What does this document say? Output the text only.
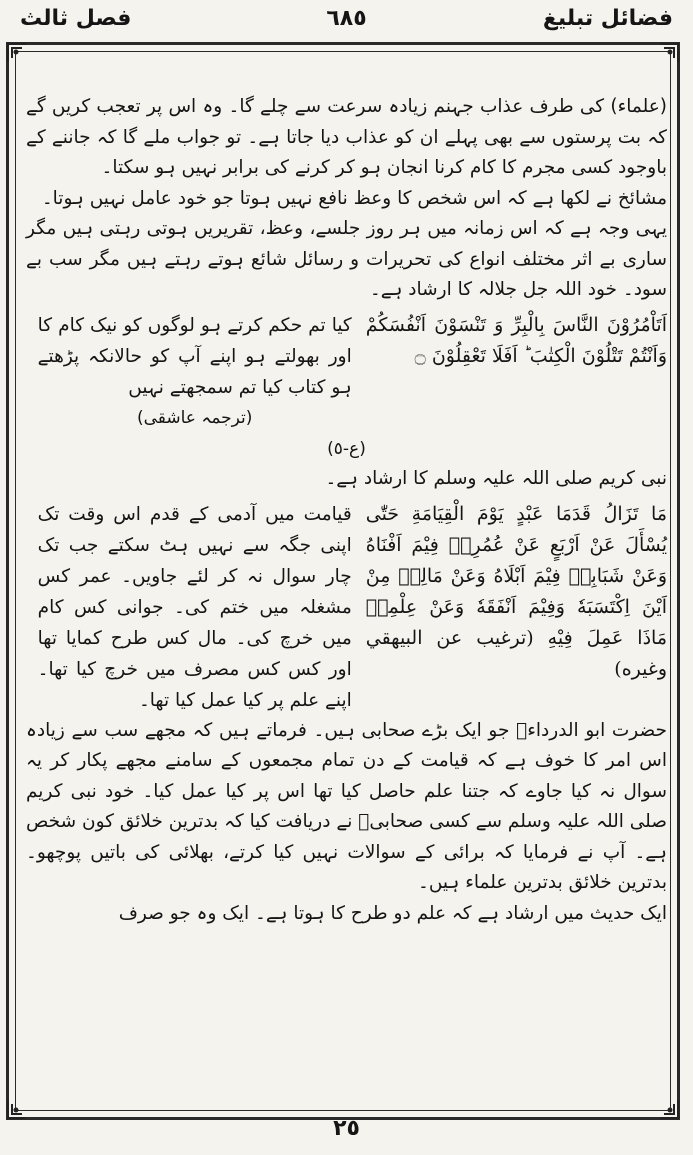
فضائل تبلیغ
٦٨٥
فصل ثالث

(علماء) کی طرف عذاب جہنم زیادہ سرعت سے چلے گا۔ وہ اس پر تعجب کریں گے کہ بت پرستوں سے بھی پہلے ان کو عذاب دیا جاتا ہے۔ تو جواب ملے گا کہ جاننے کے باوجود کسی مجرم کا کام کرنا انجان ہو کر کرنے کی برابر نہیں ہو سکتا۔

مشائخ نے لکھا ہے کہ اس شخص کا وعظ نافع نہیں ہوتا جو خود عامل نہیں ہوتا۔

یہی وجہ ہے کہ اس زمانہ میں ہر روز جلسے، وعظ، تقریریں ہوتی رہتی ہیں مگر ساری بے اثر مختلف انواع کی تحریرات و رسائل شائع ہوتے رہتے ہیں مگر سب بے سود۔ خود اللہ جل جلالہ کا ارشاد ہے۔

اَتَاْمُرُوْنَ النَّاسَ بِالْبِرِّ وَ تَنْسَوْنَ اَنْفُسَكُمْ وَاَنْتُمْ تَتْلُوْنَ الْكِتٰبَ ؕ اَفَلَا تَعْقِلُوْنَ ۝
کیا تم حکم کرتے ہو لوگوں کو نیک کام کا اور بھولتے ہو اپنے آپ کو حالانکہ پڑھتے ہو کتاب کیا تم سمجھتے نہیں
(ترجمہ عاشقی)
(ع-٥)

نبی کریم صلی اللہ علیہ وسلم کا ارشاد ہے۔

مَا تَزَالُ قَدَمَا عَبْدٍ يَوْمَ الْقِيَامَةِ حَتّٰى يُسْأَلَ عَنْ اَرْبَعٍ عَنْ عُمُرِهٖ فِيْمَ اَفْنَاهُ وَعَنْ شَبَابِهٖ فِيْمَ اَبْلَاهُ وَعَنْ مَالِهٖ مِنْ اَيْنَ اِكْتَسَبَهٗ وَفِيْمَ اَنْفَقَهٗ وَعَنْ عِلْمِهٖ مَاذَا عَمِلَ فِيْهِ (ترغيب عن البيهقي وغيره)
قیامت میں آدمی کے قدم اس وقت تک اپنی جگہ سے نہیں ہٹ سکتے جب تک چار سوال نہ کر لئے جاویں۔ عمر کس مشغلہ میں ختم کی۔ جوانی کس کام میں خرچ کی۔ مال کس طرح کمایا تھا اور کس کس مصرف میں خرچ کیا تھا۔ اپنے علم پر کیا عمل کیا تھا۔

حضرت ابو الدرداءؓ جو ایک بڑے صحابی ہیں۔ فرماتے ہیں کہ مجھے سب سے زیادہ اس امر کا خوف ہے کہ قیامت کے دن تمام مجمعوں کے سامنے مجھے پکار کر یہ سوال نہ کیا جاوے کہ جتنا علم حاصل کیا تھا اس پر کیا عمل کیا۔ خود نبی کریم صلی اللہ علیہ وسلم سے کسی صحابیؓ نے دریافت کیا کہ بدترین خلائق کون شخص ہے۔ آپ نے فرمایا کہ برائی کے سوالات نہیں کیا کرتے، بھلائی کی باتیں پوچھو۔ بدترین خلائق بدترین علماء ہیں۔

ایک حدیث میں ارشاد ہے کہ علم دو طرح کا ہوتا ہے۔ ایک وہ جو صرف

٢٥
